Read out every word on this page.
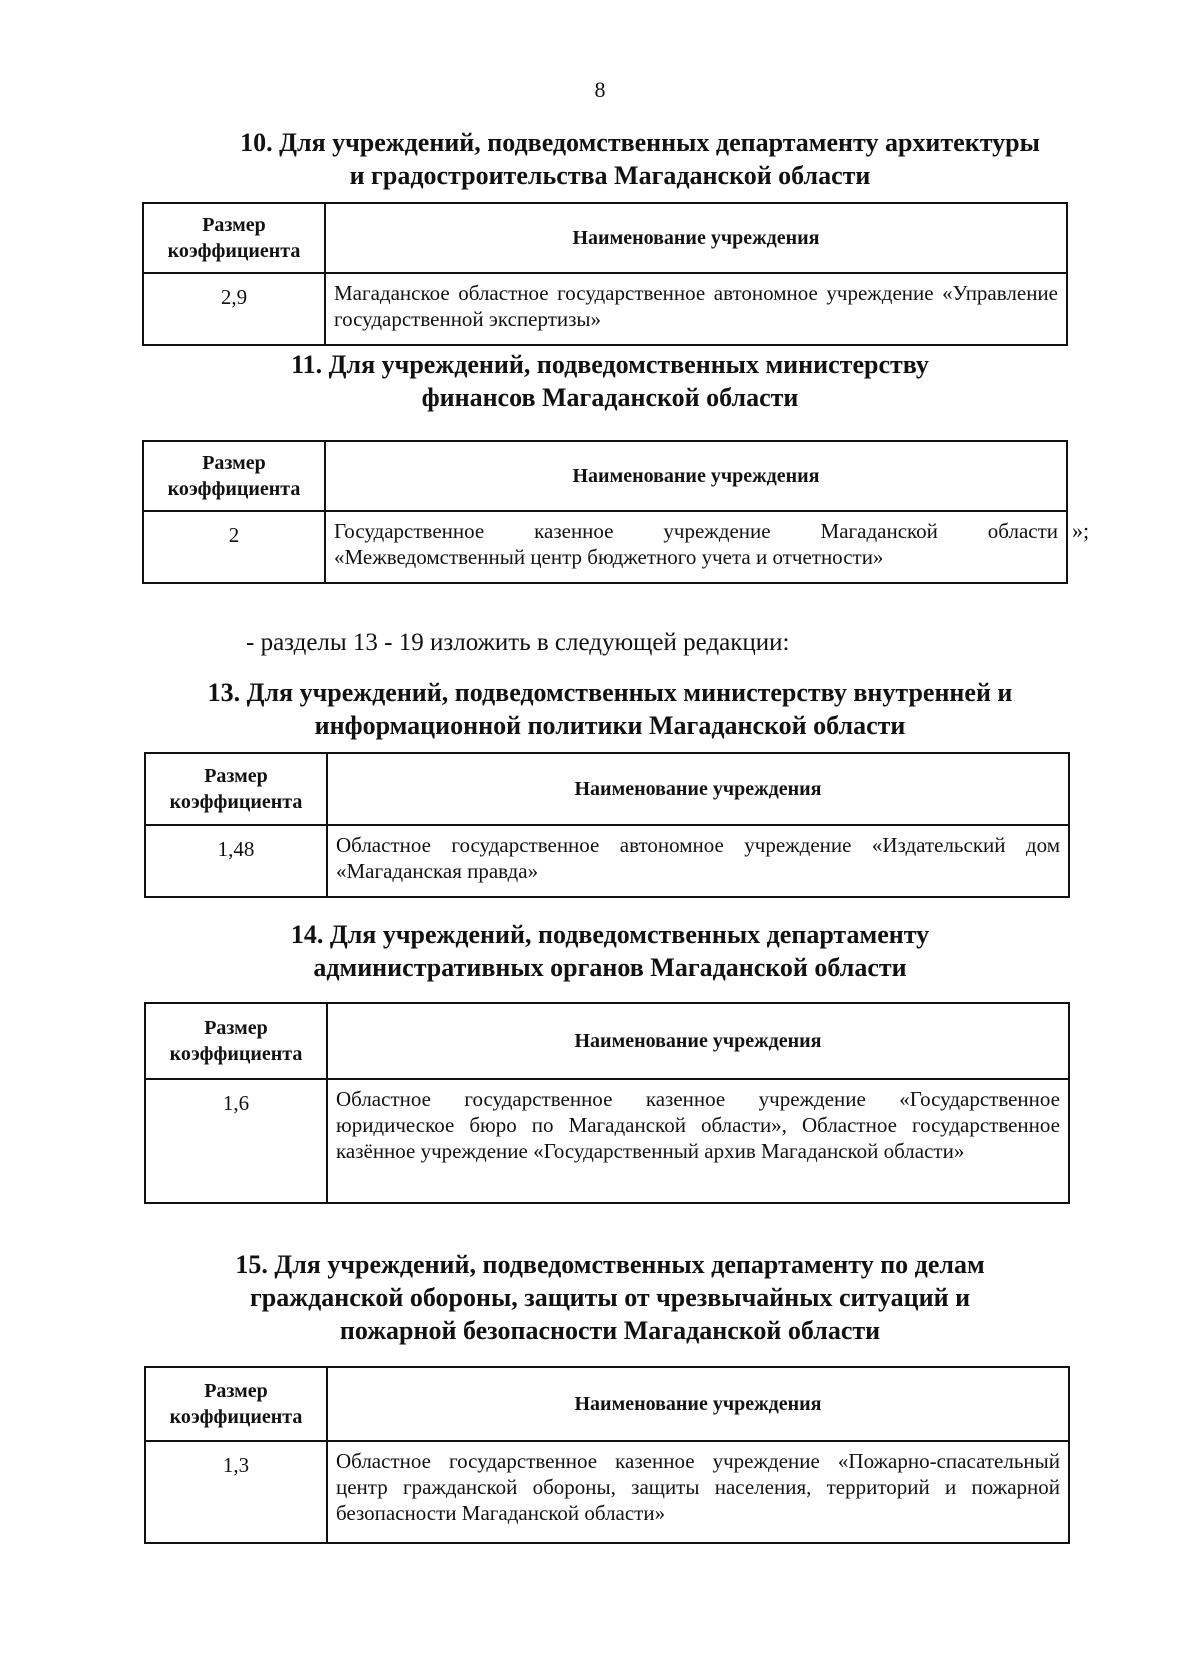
8
10. Для учреждений, подведомственных департаменту архитектуры
и градостроительства Магаданской области
Размер коэффициента	Наименование учреждения
2,9	Магаданское областное государственное автономное учреждение «Управление государственной экспертизы»
11. Для учреждений, подведомственных министерству
финансов Магаданской области
Размер коэффициента	Наименование учреждения
2	Государственное казенное учреждение Магаданской области «Межведомственный центр бюджетного учета и отчетности»
»;
- разделы 13 - 19 изложить в следующей редакции:
13. Для учреждений, подведомственных министерству внутренней и
информационной политики Магаданской области
Размер коэффициента	Наименование учреждения
1,48	Областное государственное автономное учреждение «Издательский дом «Магаданская правда»
14. Для учреждений, подведомственных департаменту
административных органов Магаданской области
Размер коэффициента	Наименование учреждения
1,6	Областное государственное казенное учреждение «Государственное юридическое бюро по Магаданской области», Областное государственное казённое учреждение «Государственный архив Магаданской области»
15. Для учреждений, подведомственных департаменту по делам
гражданской обороны, защиты от чрезвычайных ситуаций и
пожарной безопасности Магаданской области
Размер коэффициента	Наименование учреждения
1,3	Областное государственное казенное учреждение «Пожарно-спасательный центр гражданской обороны, защиты населения, территорий и пожарной безопасности Магаданской области»
